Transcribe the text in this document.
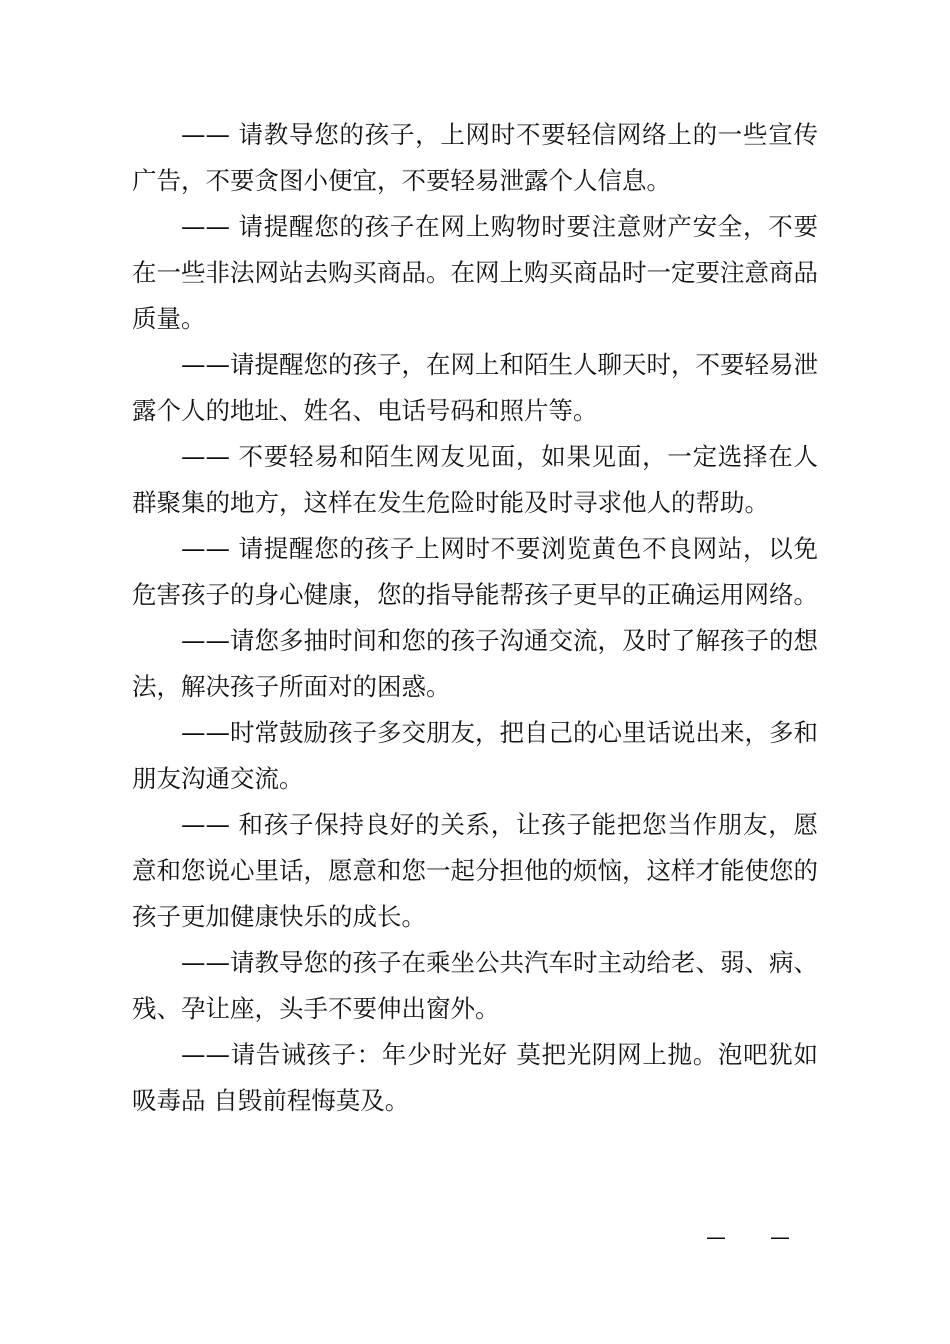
—— 请教导您的孩子，上网时不要轻信网络上的一些宣传广告，不要贪图小便宜，不要轻易泄露个人信息。

—— 请提醒您的孩子在网上购物时要注意财产安全，不要在一些非法网站去购买商品。在网上购买商品时一定要注意商品质量。

——请提醒您的孩子，在网上和陌生人聊天时，不要轻易泄露个人的地址、姓名、电话号码和照片等。

—— 不要轻易和陌生网友见面，如果见面，一定选择在人群聚集的地方，这样在发生危险时能及时寻求他人的帮助。

—— 请提醒您的孩子上网时不要浏览黄色不良网站，以免危害孩子的身心健康，您的指导能帮孩子更早的正确运用网络。

——请您多抽时间和您的孩子沟通交流，及时了解孩子的想法，解决孩子所面对的困惑。

——时常鼓励孩子多交朋友，把自己的心里话说出来，多和朋友沟通交流。

—— 和孩子保持良好的关系，让孩子能把您当作朋友，愿意和您说心里话，愿意和您一起分担他的烦恼，这样才能使您的孩子更加健康快乐的成长。

——请教导您的孩子在乘坐公共汽车时主动给老、弱、病、残、孕让座，头手不要伸出窗外。

——请告诫孩子：年少时光好 莫把光阴网上抛。泡吧犹如吸毒品 自毁前程悔莫及。

— —
